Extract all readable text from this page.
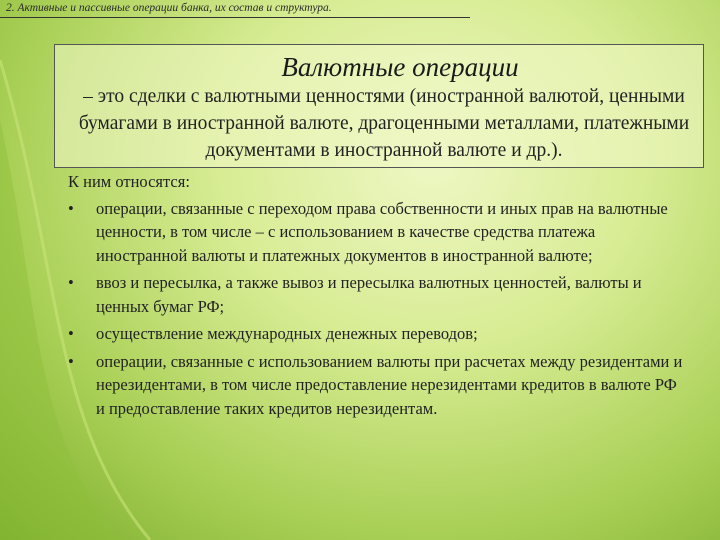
2. Активные и пассивные операции банка, их состав и структура.
Валютные операции
– это сделки с валютными ценностями (иностранной валютой, ценными бумагами в иностранной валюте, драгоценными металлами, платежными документами в иностранной валюте и др.).

К ним относятся:

• операции, связанные с переходом права собственности и иных прав на валютные ценности, в том числе – с использованием в качестве средства платежа иностранной валюты и платежных документов в иностранной валюте;
• ввоз и пересылка, а также вывоз и пересылка валютных ценностей, валюты и ценных бумаг РФ;
• осуществление международных денежных переводов;
• операции, связанные с использованием валюты при расчетах между резидентами и нерезидентами, в том числе предоставление нерезидентами кредитов в валюте РФ и предоставление таких кредитов нерезидентам.
